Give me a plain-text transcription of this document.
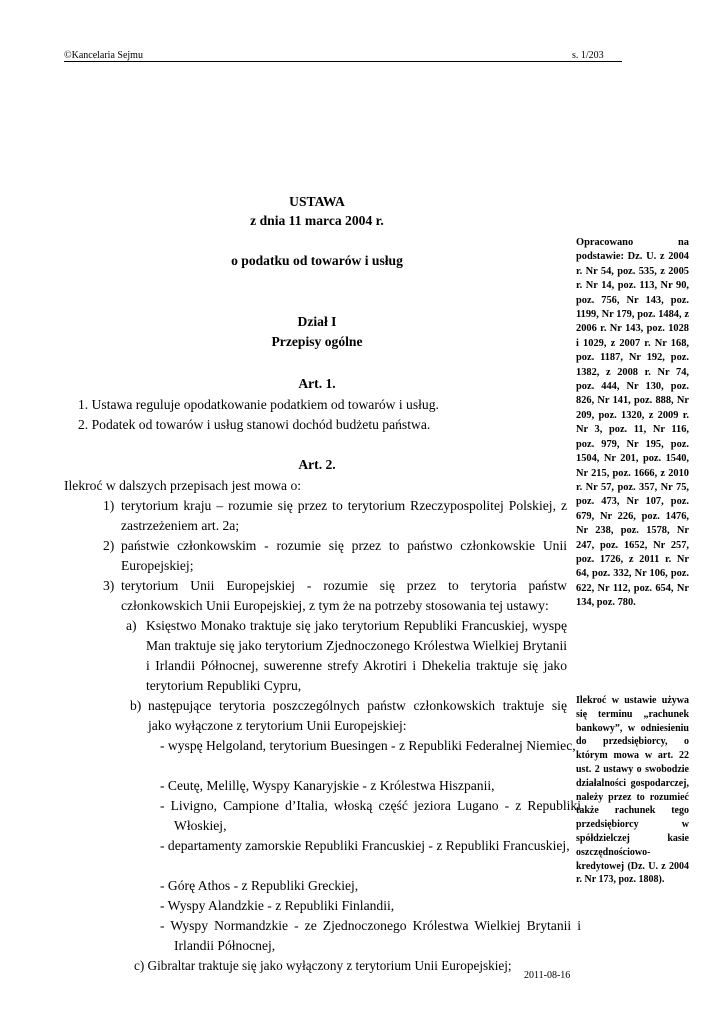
©Kancelaria Sejmu	s. 1/203
USTAWA
z dnia 11 marca 2004 r.
o podatku od towarów i usług
Dział I
Przepisy ogólne
Art. 1.
1. Ustawa reguluje opodatkowanie podatkiem od towarów i usług.
2. Podatek od towarów i usług stanowi dochód budżetu państwa.
Art. 2.
Ilekroć w dalszych przepisach jest mowa o:
1) terytorium kraju – rozumie się przez to terytorium Rzeczypospolitej Polskiej, z zastrzeżeniem art. 2a;
2) państwie członkowskim - rozumie się przez to państwo członkowskie Unii Europejskiej;
3) terytorium Unii Europejskiej - rozumie się przez to terytoria państw członkowskich Unii Europejskiej, z tym że na potrzeby stosowania tej ustawy:
a) Księstwo Monako traktuje się jako terytorium Republiki Francuskiej, wyspę Man traktuje się jako terytorium Zjednoczonego Królestwa Wielkiej Brytanii i Irlandii Północnej, suwerenne strefy Akrotiri i Dhekelia traktuje się jako terytorium Republiki Cypru,
b) następujące terytoria poszczególnych państw członkowskich traktuje się jako wyłączone z terytorium Unii Europejskiej:
- wyspę Helgoland, terytorium Buesingen - z Republiki Federalnej Niemiec,
- Ceutę, Melillę, Wyspy Kanaryjskie - z Królestwa Hiszpanii,
- Livigno, Campione d’Italia, włoską część jeziora Lugano - z Republiki Włoskiej,
- departamenty zamorskie Republiki Francuskiej - z Republiki Francuskiej,
- Górę Athos - z Republiki Greckiej,
- Wyspy Alandzkie - z Republiki Finlandii,
- Wyspy Normandzkie - ze Zjednoczonego Królestwa Wielkiej Brytanii i Irlandii Północnej,
c) Gibraltar traktuje się jako wyłączony z terytorium Unii Europejskiej;
Opracowano na podstawie: Dz. U. z 2004 r. Nr 54, poz. 535, z 2005 r. Nr 14, poz. 113, Nr 90, poz. 756, Nr 143, poz. 1199, Nr 179, poz. 1484, z 2006 r. Nr 143, poz. 1028 i 1029, z 2007 r. Nr 168, poz. 1187, Nr 192, poz. 1382, z 2008 r. Nr 74, poz. 444, Nr 130, poz. 826, Nr 141, poz. 888, Nr 209, poz. 1320, z 2009 r. Nr 3, poz. 11, Nr 116, poz. 979, Nr 195, poz. 1504, Nr 201, poz. 1540, Nr 215, poz. 1666, z 2010 r. Nr 57, poz. 357, Nr 75, poz. 473, Nr 107, poz. 679, Nr 226, poz. 1476, Nr 238, poz. 1578, Nr 247, poz. 1652, Nr 257, poz. 1726, z 2011 r. Nr 64, poz. 332, Nr 106, poz. 622, Nr 112, poz. 654, Nr 134, poz. 780.
Ilekroć w ustawie używa się terminu „rachunek bankowy”, w odniesieniu do przedsiębiorcy, o którym mowa w art. 22 ust. 2 ustawy o swobodzie działalności gospodarczej, należy przez to rozumieć także rachunek tego przedsiębiorcy w spółdzielczej kasie oszczędnościowo-kredytowej (Dz. U. z 2004 r. Nr 173, poz. 1808).
2011-08-16
